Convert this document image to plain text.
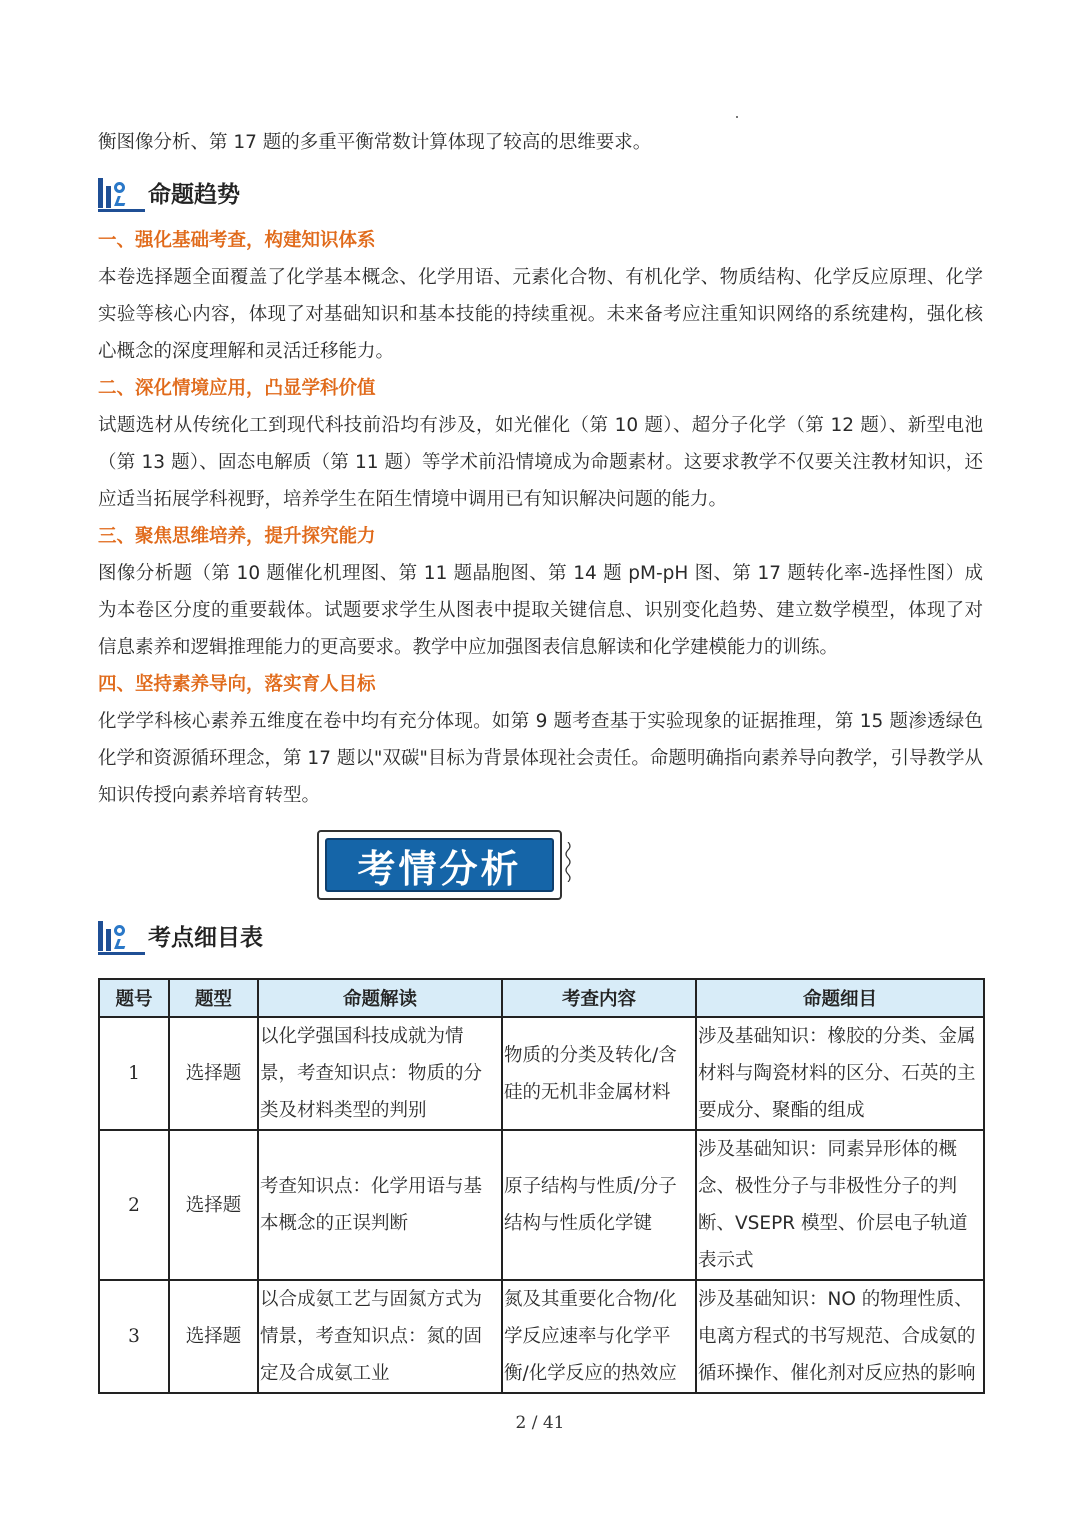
衡图像分析、第 17 题的多重平衡常数计算体现了较高的思维要求。

命题趋势

一、强化基础考查，构建知识体系

本卷选择题全面覆盖了化学基本概念、化学用语、元素化合物、有机化学、物质结构、化学反应原理、化学实验等核心内容，体现了对基础知识和基本技能的持续重视。未来备考应注重知识网络的系统建构，强化核心概念的深度理解和灵活迁移能力。

二、深化情境应用，凸显学科价值

试题选材从传统化工到现代科技前沿均有涉及，如光催化（第 10 题）、超分子化学（第 12 题）、新型电池（第 13 题）、固态电解质（第 11 题）等学术前沿情境成为命题素材。这要求教学不仅要关注教材知识，还应适当拓展学科视野，培养学生在陌生情境中调用已有知识解决问题的能力。

三、聚焦思维培养，提升探究能力

图像分析题（第 10 题催化机理图、第 11 题晶胞图、第 14 题 pM-pH 图、第 17 题转化率-选择性图）成为本卷区分度的重要载体。试题要求学生从图表中提取关键信息、识别变化趋势、建立数学模型，体现了对信息素养和逻辑推理能力的更高要求。教学中应加强图表信息解读和化学建模能力的训练。

四、坚持素养导向，落实育人目标

化学学科核心素养五维度在卷中均有充分体现。如第 9 题考查基于实验现象的证据推理，第 15 题渗透绿色化学和资源循环理念，第 17 题以"双碳"目标为背景体现社会责任。命题明确指向素养导向教学，引导教学从知识传授向素养培育转型。

考点细目表
题号	题型	命题解读	考查内容	命题细目
1	选择题	以化学强国科技成就为情景，考查知识点：物质的分类及材料类型的判别	物质的分类及转化/含硅的无机非金属材料	涉及基础知识：橡胶的分类、金属材料与陶瓷材料的区分、石英的主要成分、聚酯的组成
2	选择题	考查知识点：化学用语与基本概念的正误判断	原子结构与性质/分子结构与性质化学键	涉及基础知识：同素异形体的概念、极性分子与非极性分子的判断、VSEPR 模型、价层电子轨道表示式
3	选择题	以合成氨工艺与固氮方式为情景，考查知识点：氮的固定及合成氨工业	氮及其重要化合物/化学反应速率与化学平衡/化学反应的热效应	涉及基础知识：NO 的物理性质、电离方程式的书写规范、合成氨的循环操作、催化剂对反应热的影响
考情分析
2 / 41
